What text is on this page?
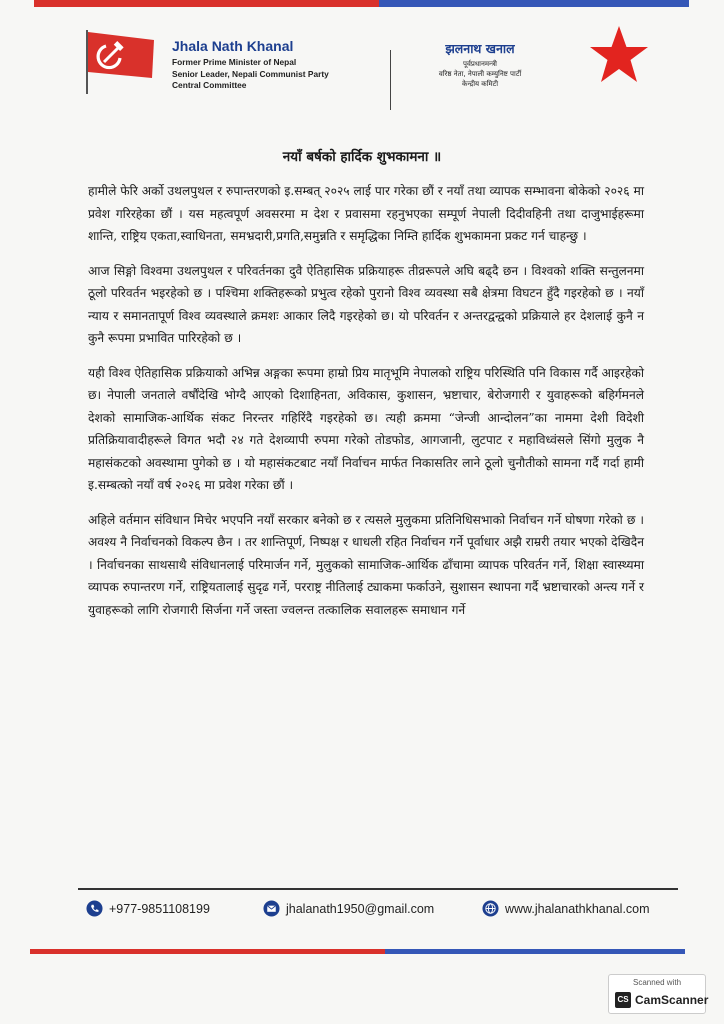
Jhala Nath Khanal
Former Prime Minister of Nepal
Senior Leader, Nepali Communist Party
Central Committee
झलनाथ खनाल
पूर्वप्रधानमन्त्री
वरिष्ठ नेता, नेपाली कम्युनिष्ट पार्टी
केन्द्रीय कमिटी
नयाँ बर्षको हार्दिक शुभकामना ॥

हामीले फेरि अर्को उथलपुथल र रुपान्तरणको इ.सम्बत् २०२५ लाई पार गरेका छौं र नयाँ तथा व्यापक सम्भावना बोकेको २०२६ मा प्रवेश गरिरहेका छौं । यस महत्वपूर्ण अवसरमा म देश र प्रवासमा रहनुभएका सम्पूर्ण नेपाली दिदीवहिनी तथा दाजुभाईहरूमा शान्ति, राष्ट्रिय एकता,स्वाधिनता, समभ्रदारी,प्रगति,समुन्नति र समृद्धिका निम्ति हार्दिक शुभकामना प्रकट गर्न चाहन्छु ।

आज सिङ्गो विश्वमा उथलपुथल र परिवर्तनका दुवै ऐतिहासिक प्रक्रियाहरू तीव्ररूपले अघि बढ्दै छन । विश्वको शक्ति सन्तुलनमा ठूलो परिवर्तन भइरहेको छ । पश्चिमा शक्तिहरूको प्रभुत्व रहेको पुरानो विश्व व्यवस्था सबै क्षेत्रमा विघटन हुँदै गइरहेको छ । नयाँ न्याय र समानतापूर्ण विश्व व्यवस्थाले क्रमशः आकार लिदै गइरहेको छ। यो परिवर्तन र अन्तरद्वन्द्वको प्रक्रियाले हर देशलाई कुनै न कुनै रूपमा प्रभावित पारिरहेको छ ।

यही विश्व ऐतिहासिक प्रक्रियाको अभिन्न अङ्गका रूपमा हाम्रो प्रिय मातृभूमि नेपालको राष्ट्रिय परिस्थिति पनि विकास गर्दै आइरहेको छ। नेपाली जनताले वर्षौंदेखि भोग्दै आएको दिशाहिनता, अविकास, कुशासन, भ्रष्टाचार, बेरोजगारी र युवाहरूको बहिर्गमनले देशको सामाजिक-आर्थिक संकट निरन्तर गहिरिंदै गइरहेको छ। त्यही क्रममा “जेन्जी आन्दोलन”का नाममा देशी विदेशी प्रतिक्रियावादीहरूले विगत भदौ २४ गते देशव्यापी रुपमा गरेको तोडफोड, आगजानी, लुटपाट र महाविध्वंसले सिंगो मुलुक नै महासंकटको अवस्थामा पुगेको छ । यो महासंकटबाट नयाँ निर्वाचन मार्फत निकासतिर लाने ठूलो चुनौतीको सामना गर्दै गर्दा हामी इ.सम्बत्को नयाँ वर्ष २०२६ मा प्रवेश गरेका छौं ।

अहिले वर्तमान संविधान मिचेर भएपनि नयाँ सरकार बनेको छ र त्यसले मुलुकमा प्रतिनिधिसभाको निर्वाचन गर्ने घोषणा गरेको छ । अवश्य नै निर्वाचनको विकल्प छैन । तर शान्तिपूर्ण, निष्पक्ष र धाधली रहित निर्वाचन गर्ने पूर्वाधार अझै राम्ररी तयार भएको देखिदैन । निर्वाचनका साथसाथै संविधानलाई परिमार्जन गर्ने, मुलुकको सामाजिक-आर्थिक ढाँचामा व्यापक परिवर्तन गर्ने, शिक्षा स्वास्थ्यमा व्यापक रुपान्तरण गर्ने, राष्ट्रियतालाई सुदृढ गर्ने, परराष्ट्र नीतिलाई ट्याकमा फर्काउने, सुशासन स्थापना गर्दै भ्रष्टाचारको अन्त्य गर्ने र युवाहरूको लागि रोजगारी सिर्जना गर्ने जस्ता ज्वलन्त तत्कालिक सवालहरू समाधान गर्ने

+977-9851108199	jhalanath1950@gmail.com	www.jhalanathkhanal.com
Scanned with
CS CamScanner
